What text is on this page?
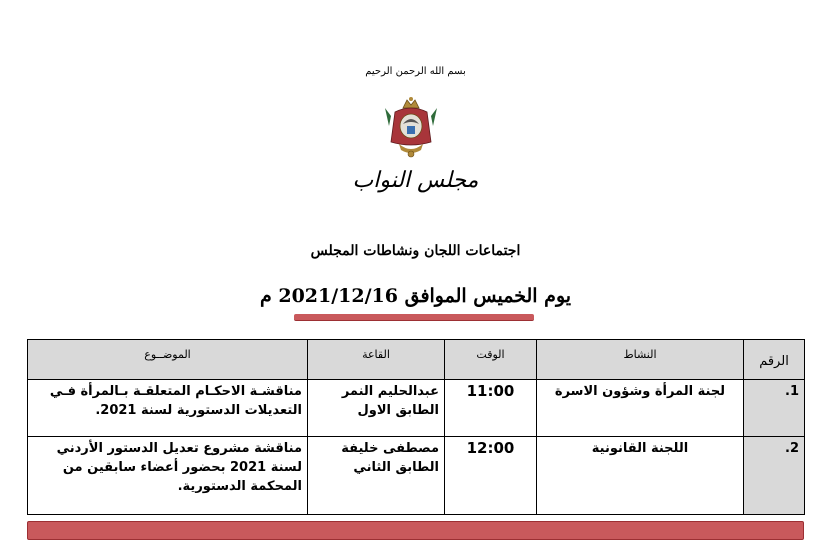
بسم الله الرحمن الرحيم
مجلس النواب
اجتماعات اللجان ونشاطات المجلس
يوم الخميس الموافق 2021/12/16 م
الرقم	النشاط	الوقت	القاعة	الموضــوع
1.	لجنة المرأة وشؤون الاسرة	11:00	عبدالحليم النمر الطابق الاول	مناقشـة الاحكـام المتعلقـة بـالمرأة فـي التعديلات الدستورية لسنة 2021.
2.	اللجنة القانونية	12:00	مصطفى خليفة الطابق الثاني	مناقشة مشروع تعديل الدستور الأردني لسنة 2021 بحضور أعضاء سابقين من المحكمة الدستورية.
